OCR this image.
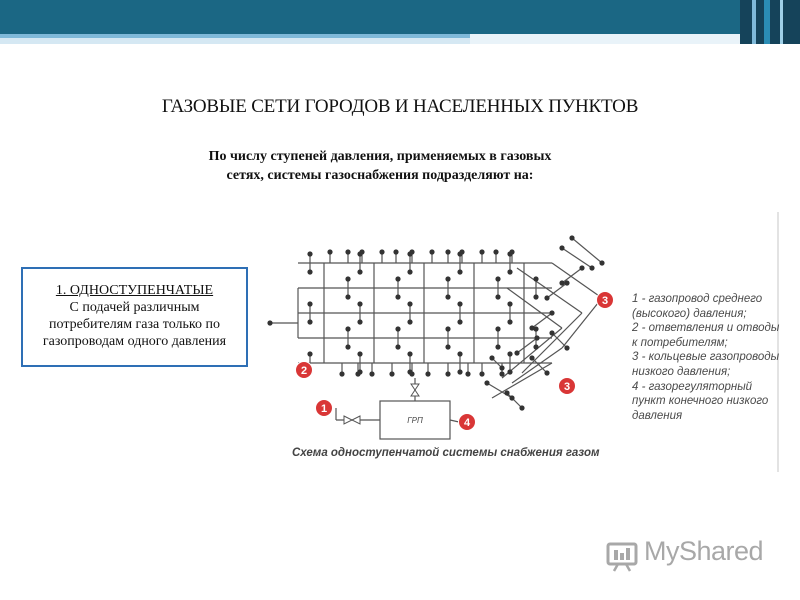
ГАЗОВЫЕ СЕТИ ГОРОДОВ И НАСЕЛЕННЫХ ПУНКТОВ
По числу ступеней давления, применяемых в газовых
сетях, системы газоснабжения подразделяют на:
1. ОДНОСТУПЕНЧАТЫЕ
С подачей различным
потребителям газа только по
газопроводам одного давления
ГРП
1
2
3
3
4
1 - газопровод среднего
(высокого) давления;
2 - ответвления и отводы
к потребителям;
3 - кольцевые газопроводы
низкого давления;
4 - газорегуляторный
пункт конечного низкого
давления
Схема одноступенчатой системы снабжения газом
MyShared
